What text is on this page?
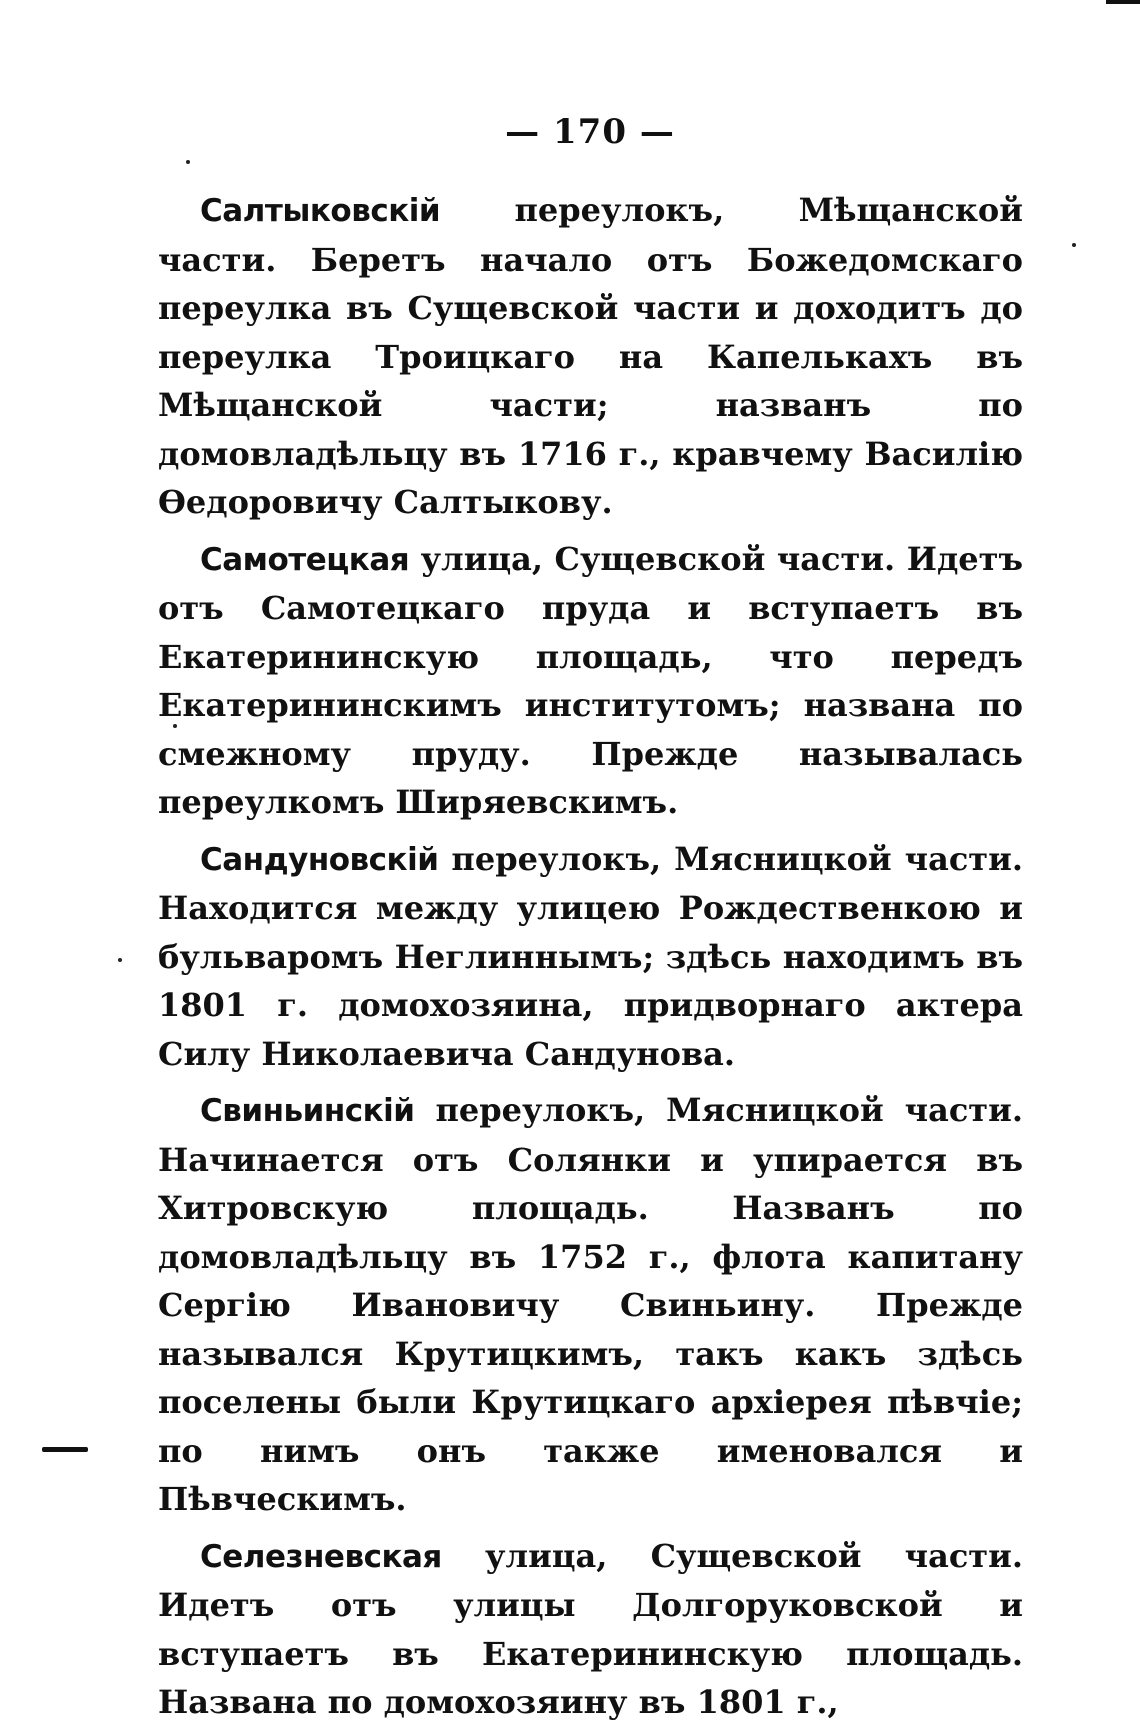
— 170 —

Салтыковскій переулокъ, Мѣщанской части. Беретъ начало отъ Божедомскаго переулка въ Сущевской части и доходитъ до переулка Троицкаго на Капелькахъ въ Мѣщанской части; названъ по домовладѣльцу въ 1716 г., кравчему Василію Ѳедоровичу Салтыкову.

Самотецкая улица, Сущевской части. Идетъ отъ Самотецкаго пруда и вступаетъ въ Екатерининскую площадь, что передъ Екатерининскимъ институтомъ; названа по смежному пруду. Прежде называлась переулкомъ Ширяевскимъ.

Сандуновскій переулокъ, Мясницкой части. Находится между улицею Рождественкою и бульваромъ Неглиннымъ; здѣсь находимъ въ 1801 г. домохозяина, придворнаго актера Силу Николаевича Сандунова.

Свиньинскій переулокъ, Мясницкой части. Начинается отъ Солянки и упирается въ Хитровскую площадь. Названъ по домовладѣльцу въ 1752 г., флота капитану Сергію Ивановичу Свиньину. Прежде назывался Крутицкимъ, такъ какъ здѣсь поселены были Крутицкаго архіерея пѣвчіе; по нимъ онъ также именовался и Пѣвческимъ.

Селезневская улица, Сущевской части. Идетъ отъ улицы Долгоруковской и вступаетъ въ Екатерининскую площадь. Названа по домохозяину въ 1801 г.,
